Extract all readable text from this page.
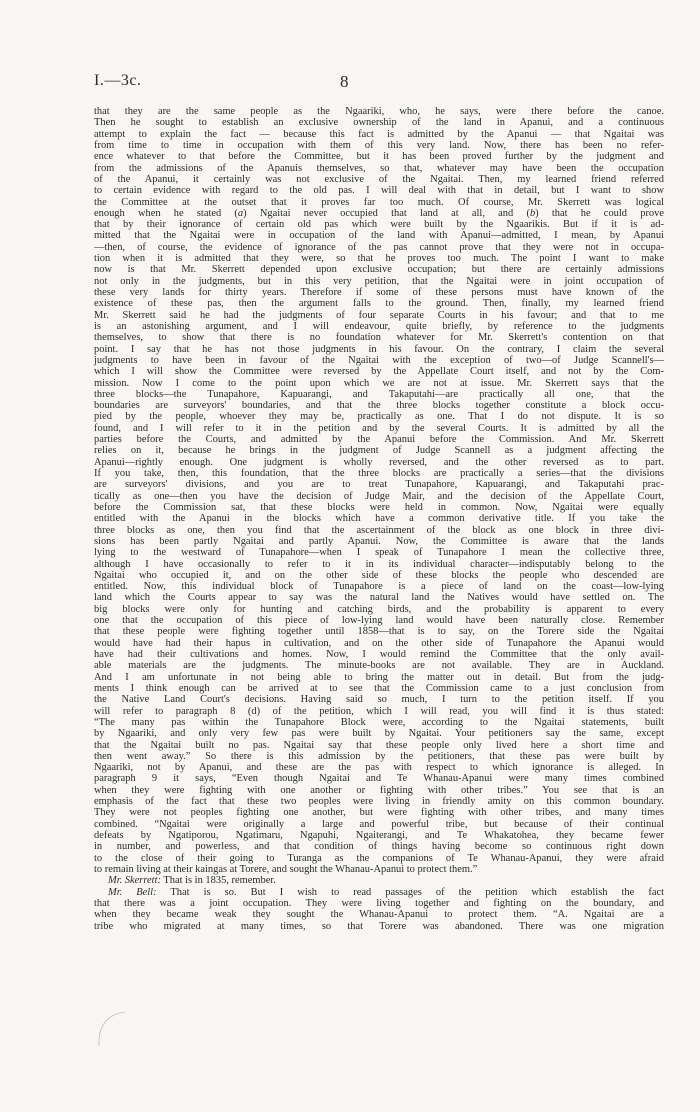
I.—3c.	8
that they are the same people as the Ngaariki, who, he says, were there before the canoe.
Then he sought to establish an exclusive ownership of the land in Apanui, and a continuous
attempt to explain the fact — because this fact is admitted by the Apanui — that Ngaitai was
from time to time in occupation with them of this very land. Now, there has been no refer-
ence whatever to that before the Committee, but it has been proved further by the judgment and
from the admissions of the Apanuis themselves, so that, whatever may have been the occupation
of the Apanui, it certainly was not exclusive of the Ngaitai. Then, my learned friend referred
to certain evidence with regard to the old pas. I will deal with that in detail, but I want to show
the Committee at the outset that it proves far too much. Of course, Mr. Skerrett was logical
enough when he stated (a) Ngaitai never occupied that land at all, and (b) that he could prove
that by their ignorance of certain old pas which were built by the Ngaarikis. But if it is ad-
mitted that the Ngaitai were in occupation of the land with Apanui—admitted, I mean, by Apanui
—then, of course, the evidence of ignorance of the pas cannot prove that they were not in occupa-
tion when it is admitted that they were, so that he proves too much. The point I want to make
now is that Mr. Skerrett depended upon exclusive occupation; but there are certainly admissions
not only in the judgments, but in this very petition, that the Ngaitai were in joint occupation of
these very lands for thirty years. Therefore if some of these persons must have known of the
existence of these pas, then the argument falls to the ground. Then, finally, my learned friend
Mr. Skerrett said he had the judgments of four separate Courts in his favour; and that to me
is an astonishing argument, and I will endeavour, quite briefly, by reference to the judgments
themselves, to show that there is no foundation whatever for Mr. Skerrett's contention on that
point. I say that he has not those judgments in his favour. On the contrary, I claim the several
judgments to have been in favour of the Ngaitai with the exception of two—of Judge Scannell's—
which I will show the Committee were reversed by the Appellate Court itself, and not by the Com-
mission. Now I come to the point upon which we are not at issue. Mr. Skerrett says that the
three blocks—the Tunapahore, Kapuarangi, and Takaputahi—are practically all one, that the
boundaries are surveyors' boundaries, and that the three blocks together constitute a block occu-
pied by the people, whoever they may be, practically as one. That I do not dispute. It is so
found, and I will refer to it in the petition and by the several Courts. It is admitted by all the
parties before the Courts, and admitted by the Apanui before the Commission. And Mr. Skerrett
relies on it, because he brings in the judgment of Judge Scannell as a judgment affecting the
Apanui—rightly enough. One judgment is wholly reversed, and the other reversed as to part.
If you take, then, this foundation, that the three blocks are practically a series—that the divisions
are surveyors' divisions, and you are to treat Tunapahore, Kapuarangi, and Takaputahi prac-
tically as one—then you have the decision of Judge Mair, and the decision of the Appellate Court,
before the Commission sat, that these blocks were held in common. Now, Ngaitai were equally
entitled with the Apanui in the blocks which have a common derivative title. If you take the
three blocks as one, then you find that the ascertainment of the block as one block in three divi-
sions has been partly Ngaitai and partly Apanui. Now, the Committee is aware that the lands
lying to the westward of Tunapahore—when I speak of Tunapahore I mean the collective three,
although I have occasionally to refer to it in its individual character—indisputably belong to the
Ngaitai who occupied it, and on the other side of these blocks the people who descended are
entitled. Now, this individual block of Tunapahore is a piece of land on the coast—low-lying
land which the Courts appear to say was the natural land the Natives would have settled on. The
big blocks were only for hunting and catching birds, and the probability is apparent to every
one that the occupation of this piece of low-lying land would have been naturally close. Remember
that these people were fighting together until 1858—that is to say, on the Torere side the Ngaitai
would have had their hapus in cultivation, and on the other side of Tunapahore the Apanui would
have had their cultivations and homes. Now, I would remind the Committee that the only avail-
able materials are the judgments. The minute-books are not available. They are in Auckland.
And I am unfortunate in not being able to bring the matter out in detail. But from the judg-
ments I think enough can be arrived at to see that the Commission came to a just conclusion from
the Native Land Court's decisions. Having said so much, I turn to the petition itself. If you
will refer to paragraph 8 (d) of the petition, which I will read, you will find it is thus stated:
“The many pas within the Tunapahore Block were, according to the Ngaitai statements, built
by Ngaariki, and only very few pas were built by Ngaitai. Your petitioners say the same, except
that the Ngaitai built no pas. Ngaitai say that these people only lived here a short time and
then went away.” So there is this admission by the petitioners, that these pas were built by
Ngaariki, not by Apanui, and these are the pas with respect to which ignorance is alleged. In
paragraph 9 it says, “Even though Ngaitai and Te Whanau-Apanui were many times combined
when they were fighting with one another or fighting with other tribes.” You see that is an
emphasis of the fact that these two peoples were living in friendly amity on this common boundary.
They were not peoples fighting one another, but were fighting with other tribes, and many times
combined. “Ngaitai were originally a large and powerful tribe, but because of their continual
defeats by Ngatiporou, Ngatimaru, Ngapuhi, Ngaiterangi, and Te Whakatohea, they became fewer
in number, and powerless, and that condition of things having become so continuous right down
to the close of their going to Turanga as the companions of Te Whanau-Apanui, they were afraid
to remain living at their kaingas at Torere, and sought the Whanau-Apanui to protect them.”
Mr. Skerrett: That is in 1835, remember.
Mr. Bell: That is so. But I wish to read passages of the petition which establish the fact
that there was a joint occupation. They were living together and fighting on the boundary, and
when they became weak they sought the Whanau-Apanui to protect them. “A. Ngaitai are a
tribe who migrated at many times, so that Torere was abandoned. There was one migration
